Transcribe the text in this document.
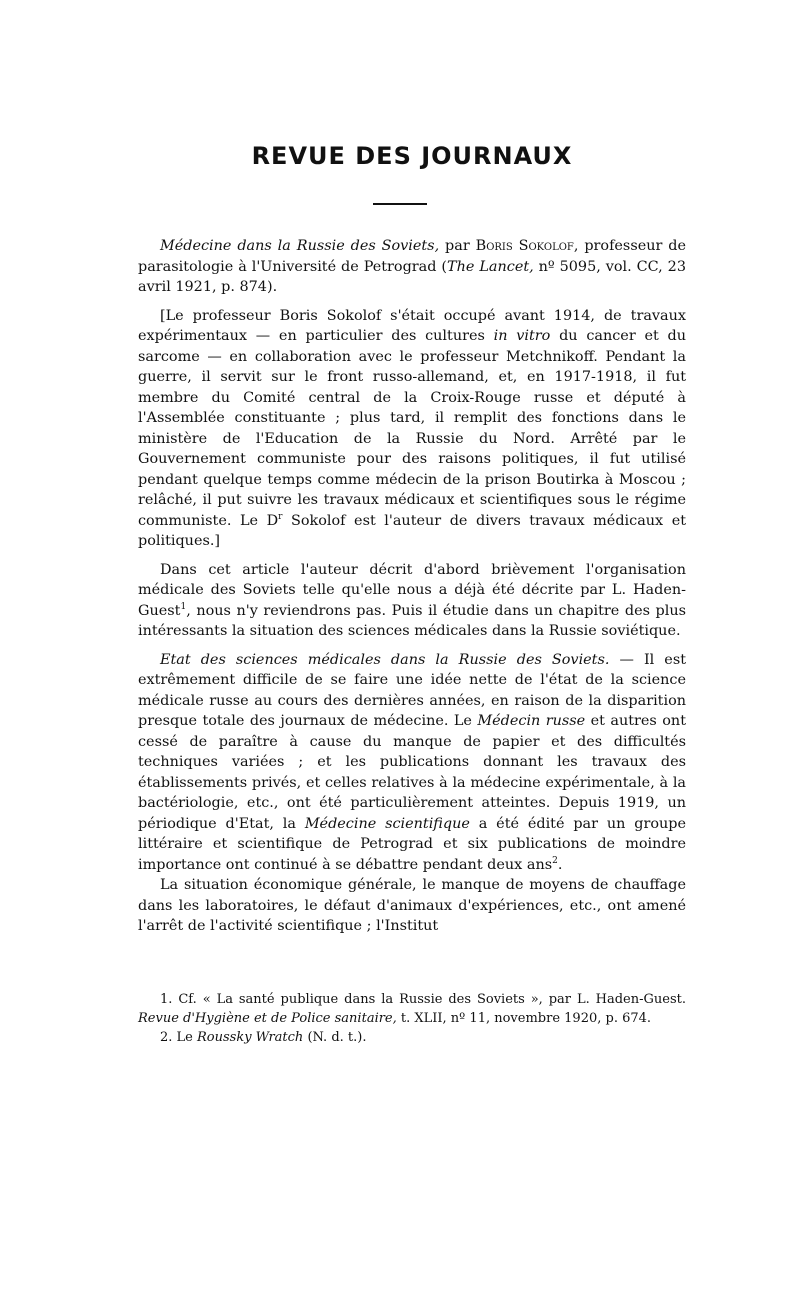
REVUE DES JOURNAUX

Médecine dans la Russie des Soviets, par Boris Sokolof, professeur de parasitologie à l'Université de Petrograd (The Lancet, nº 5095, vol. CC, 23 avril 1921, p. 874).

[Le professeur Boris Sokolof s'était occupé avant 1914, de travaux expérimentaux — en particulier des cultures in vitro du cancer et du sarcome — en collaboration avec le professeur Metchnikoff. Pendant la guerre, il servit sur le front russo-allemand, et, en 1917-1918, il fut membre du Comité central de la Croix-Rouge russe et député à l'Assemblée constituante ; plus tard, il remplit des fonctions dans le ministère de l'Education de la Russie du Nord. Arrêté par le Gouvernement communiste pour des raisons politiques, il fut utilisé pendant quelque temps comme médecin de la prison Boutirka à Moscou ; relâché, il put suivre les travaux médicaux et scientifiques sous le régime communiste. Le $D^r$ Sokolof est l'auteur de divers travaux médicaux et politiques.]

Dans cet article l'auteur décrit d'abord brièvement l'organisation médicale des Soviets telle qu'elle nous a déjà été décrite par L. Haden-Guest$^1$, nous n'y reviendrons pas. Puis il étudie dans un chapitre des plus intéressants la situation des sciences médicales dans la Russie soviétique.

Etat des sciences médicales dans la Russie des Soviets. — Il est extrêmement difficile de se faire une idée nette de l'état de la science médicale russe au cours des dernières années, en raison de la disparition presque totale des journaux de médecine. Le Médecin russe et autres ont cessé de paraître à cause du manque de papier et des difficultés techniques variées ; et les publications donnant les travaux des établissements privés, et celles relatives à la médecine expérimentale, à la bactériologie, etc., ont été particulièrement atteintes. Depuis 1919, un périodique d'Etat, la Médecine scientifique a été édité par un groupe littéraire et scientifique de Petrograd et six publications de moindre importance ont continué à se débattre pendant deux ans$^2$.

La situation économique générale, le manque de moyens de chauffage dans les laboratoires, le défaut d'animaux d'expériences, etc., ont amené l'arrêt de l'activité scientifique ; l'Institut

1. Cf. « La santé publique dans la Russie des Soviets », par L. Haden-Guest. Revue d'Hygiène et de Police sanitaire, t. XLII, nº 11, novembre 1920, p. 674.

2. Le Roussky Wratch (N. d. t.).
